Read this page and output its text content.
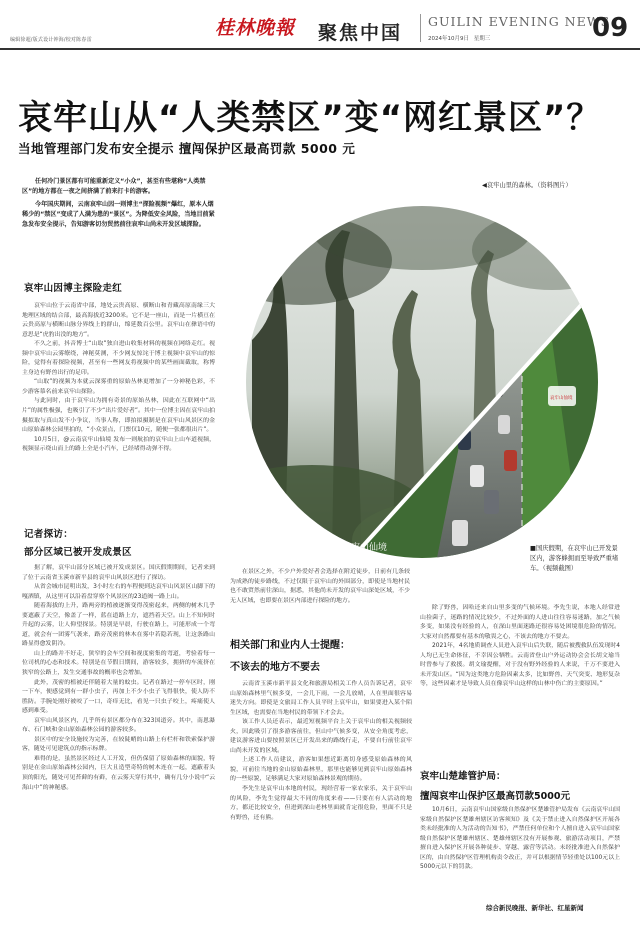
编辑徐超/版式设计钟海/校对陈春雷
桂林晚報	聚焦中国
GUILIN EVENING NEWS
2024年10月9日 星期三	09
哀牢山从“人类禁区”变“网红景区”？
当地管理部门发布安全提示 擅闯保护区最高罚款 5000 元

任何冷门景区都有可能重新定义“小众”，甚至有些堪称“人类禁区”的地方都在一夜之间挤满了前来打卡的游客。

今年国庆期间，云南哀牢山因一则博主“探险视频”爆红，原本人烟稀少的“禁区”变成了人满为患的“景区”。为降低安全风险，当地目前紧急发布安全提示，告知游客切勿贸然前往哀牢山尚未开发区域探险。

哀牢山因博主探险走红

哀牢山位于云南省中部，地处云贵高原、横断山和青藏高原南缘三大地理区域的结合部，最高海拔近3200米。它不是一座山，而是一片横亘在云贵高原与横断山脉分界线上的群山，绵延数百公里。哀牢山在彝语中的意思是“虎豹出没的地方”。

不久之前，抖音博士“山取”独自进山收集材料的视频在网络走红。视频中哀牢山云雾缭绕，神秘莫测，不少网友惊诧于博主视频中哀牢山的惊险，觉得有着探险视频，甚至有一些网友将视频中的某些画面截取，称博主身边有野兽出行的足印。

“山取”的视频为本就云深雾重的原始丛林更增加了一分神秘色彩，不少游客慕名前来哀牢山探险。

与此同时，由于哀牢山为拥有奇景的原始丛林，因此在互联网中“出片”的属性极强，也吸引了不少“出片爱好者”。其中一位博主因在哀牢山拍摄拟取与真山发不小争议，当事人称，即拍拟摄制是在哀牢山风景区的金山原始森林公园里拍的，“小众景点，门票仅10元，随便一张都很出片”。

10月5日，@云南哀牢山仙境 发布一则航拍的哀牢山上山车道视频，视频显示绕山而上的路上全是小汽车，已经堵得动弹不得。

记者探访：
部分区域已被开发成景区

据了解，哀牢山部分区域已被开发成景区。国庆假期期间，记者来到了位于云南省玉溪市新平县的哀牢山风景区进行了探访。

从省会城市昆明出发，3小时左右的车程便到达哀牢山风景区山脚下的嘎洒镇，从这里可以沿着盘穿察个风景区的23道阀一路上山。

随着海拔的上升，路两旁的植被逐渐变得茂密起来，两侧的树木几乎要遮蔽了天空，像盖了一样，蓝在道路上方，遮挡着天空。山上不知何时升起的云雾，让人仰望探景。特别是早晨，行驶在路上，可能形成一个弯道，就会有一团雾气袭来，路旁茂密的林木在雾中若隐若现，让这条路山路显得愈发阴冷。

山上的路并不好走，狭窄的会车空间和视度密集的弯道，考验着每一位司机的心态和技术。特别是在节假日期间，游客较多，拥挤的车流挤在狭窄的公路上，发生交通事故的概率也会增加。

此外，茂密的植被还伴随着大量的蚊虫。记者在路过一停车区时，刚一下车，便感觉到有一群小虫子，再加上不少小虫子飞得很快，使人防不胜防。手腕处刚好被咬了一口，奇痒无比，看见一只虫子咬上，疼痛使人感到难受。

哀牢山风景区内，几乎所有景区都分布在323国道旁。其中，南恩瀑布、石门峡和金山原始森林公园的游客较多。

景区中的安全设施较为完善，在较陡峭的山路上有栏杆和铁索保护游客，随处可见建筑点的指示标牌。

难得的是，虽然景区经过人工开发，但仍保留了原始森林的面貌，特别是在金山原始森林公园内，巨大且造型奇特的树木连在一起，遮蔽着头顶的阳光，随处可见苔藓的有藓，在云雾天穿行其中，确有几分小说中“云海山中”的神秘感。

在景区之外，不少户外爱好者会选择在附近徒步，日前有几条较为成熟的徒步路线，不过仅限于哀牢山的外围部分，即使是当地村民也不敢贸然前往深山，据悉，其他尚未开发的哀牢山深处区域，不少无人区域，也即要在景区内部进行探险的地方。

◀哀牢山里的森林。（资料图片）
哀牢山仙境
哀牢山仙境
■国庆假期，在哀牢山已开发景区内，游客蜂拥而至导致严重堵车。（视频截图）
相关部门和业内人士提醒：
不该去的地方不要去

云南省玉溪市新平县文化和旅游局相关工作人员告诉记者，哀牢山原始森林里气候多变，一会儿下雨，一会儿放晴，人在里面很容易迷失方向。即使是文旅局工作人员平时上哀牢山，如果要进入某个陌生区域，也需要在当地村民的带领下才会去。

该工作人员还表示，最近短视频平台上关于哀牢山的相关视频较火，因此吸引了很多游客前往，但山中气候多变，从安全角度考虑，建议游客进山要按照景区已开发出来的路线行走，不要自行前往哀牢山尚未开发的区域。

上述工作人员建议，游客如果想近距离切身感受原始森林的风貌，可前往当地的金山原始森林里，那里也能够见到哀牢山原始森林的一些原貌，足够满足大家对原始森林景观的期待。

李先生是哀牢山本地的村民，现经营着一家农家乐，关于哀牢山的风险，李先生觉得最大不同的角度来看——只要在有人活动的地方，都还比较安全，但进到深山老林里面就肯定很危险，里面不只是有野兽，还有熊。

除了野兽，因哈还来自山里多变的气候环境。李先生说，本地人经常进山捡菌子，迷路的情况比较少，不过外面的人进山往往容易迷路，加之气候多变，如果没有经验的人，在深山里面迷路还很容易处困境很危险的情况。大家对自然都要有基本的敬畏之心，不该去的地方不要去。

2021年，4名地质调查人员进入哀牢山后失联，随后被搜救队伍发现时4人均已无生命体征，不幸因公牺牲。云南省登山户外运动协会会长胡文瑜当时曾参与了救援。胡文瑜提醒，对于没有野外经验的人来说，千万不要进入未开发山区。“因为这类地方危险因素太多，比如野兽、天气突变、地形复杂等，这些因素才是导致人员在像哀牢山这样的山林中伤亡的主要原因。”

哀牢山楚雄管护局：
擅闯哀牢山保护区最高罚款5000元

10月6日，云南哀牢山国家级自然保护区楚雄管护局发布《云南哀牢山国家级自然保护区楚雄州辖区访客须知》及《关于禁止进入自然保护区开展各类未经批准的人为活动的告知书》，严禁任何单位和个人擅自进入哀牢山国家级自然保护区楚雄州辖区、楚雄州辖区没有开展参观、旅游活动项目，严禁擅自进入保护区开展各种徒步、穿越、露营等活动。未经批准进入自然保护区的，由自然保护区管理机构责令改正，并可以根据情节轻重处以100元以上5000元以下的罚款。

综合新民晚报、新华社、红星新闻
